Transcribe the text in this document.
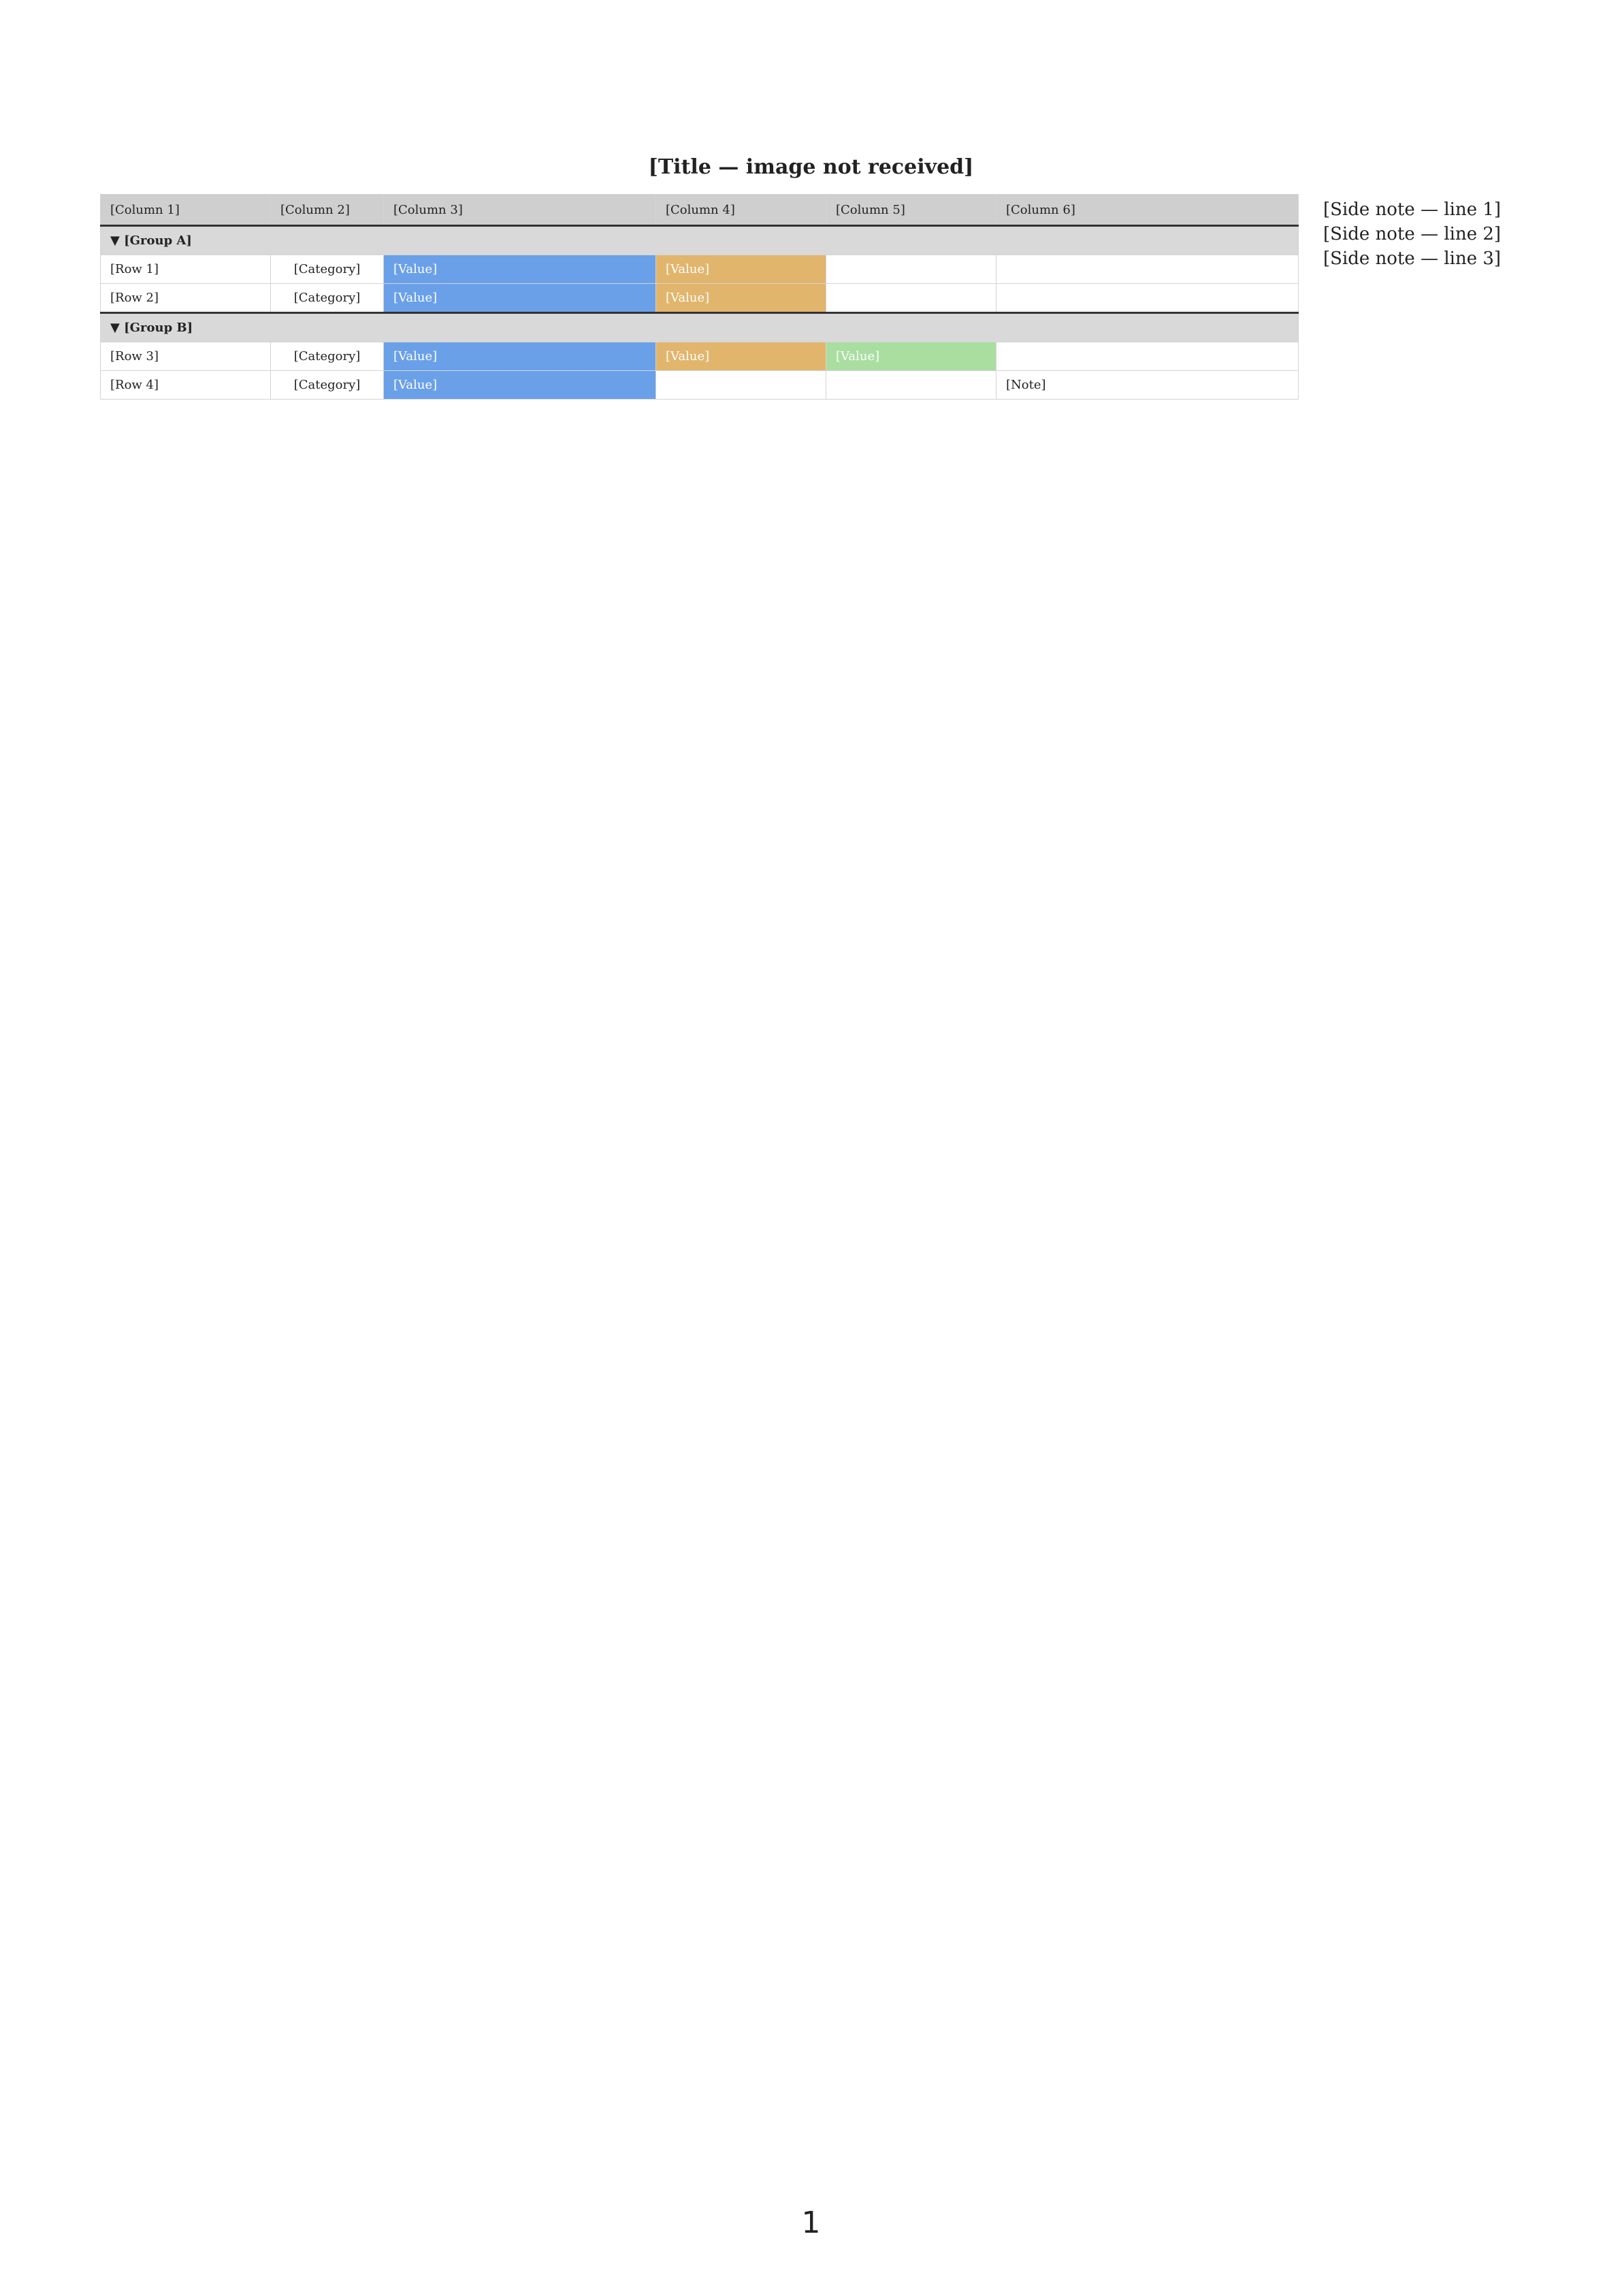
[Title — image not received]
[Column 1]	[Column 2]	[Column 3]	[Column 4]	[Column 5]	[Column 6]
▼ [Group A]					
[Row 1]	[Category]	[Value]	[Value]		
[Row 2]	[Category]	[Value]	[Value]		
▼ [Group B]					
[Row 3]	[Category]	[Value]	[Value]	[Value]	
[Row 4]	[Category]	[Value]			[Note]
[Side note — line 1]
[Side note — line 2]
[Side note — line 3]
1
